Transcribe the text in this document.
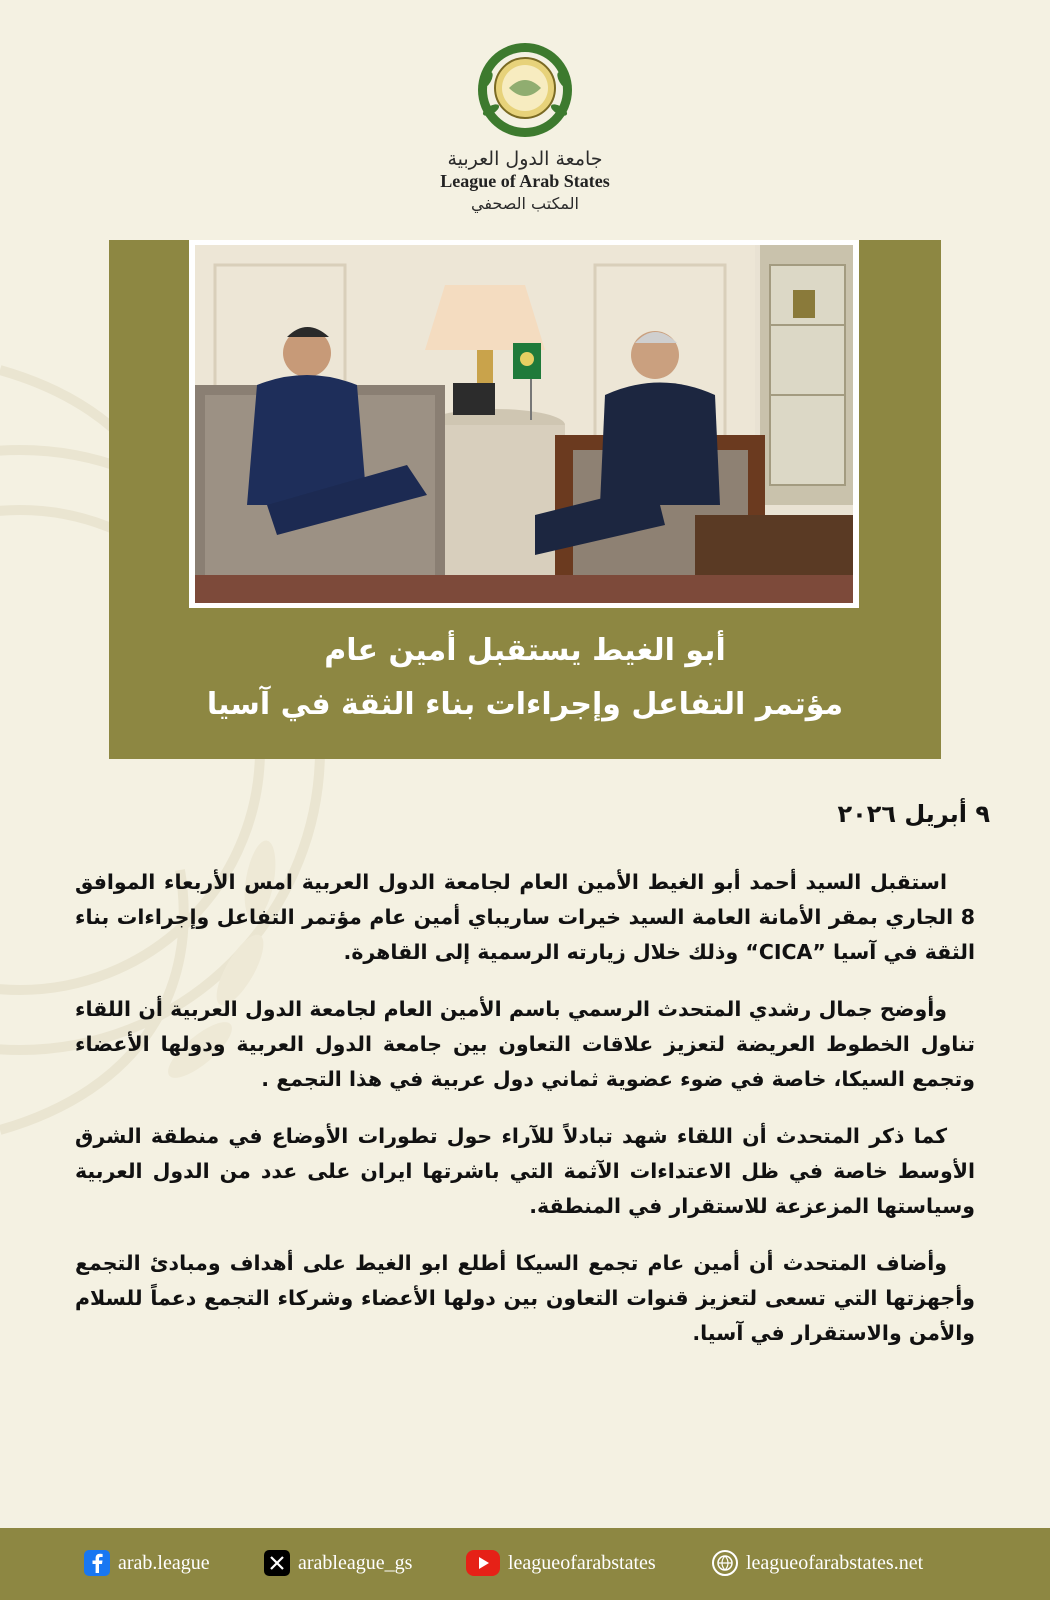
جامعة الدول العربية
League of Arab States
المكتب الصحفي
أبو الغيط يستقبل أمين عام
مؤتمر التفاعل وإجراءات بناء الثقة في آسيا
٩ أبريل ٢٠٢٦

استقبل السيد أحمد أبو الغيط الأمين العام لجامعة الدول العربية امس الأربعاء الموافق 8 الجاري بمقر الأمانة العامة السيد خيرات ساريباي أمين عام مؤتمر التفاعل وإجراءات بناء الثقة في آسيا ”CICA“ وذلك خلال زيارته الرسمية إلى القاهرة.

وأوضح جمال رشدي المتحدث الرسمي باسم الأمين العام لجامعة الدول العربية أن اللقاء تناول الخطوط العريضة لتعزيز علاقات التعاون بين جامعة الدول العربية ودولها الأعضاء وتجمع السيكا، خاصة في ضوء عضوية ثماني دول عربية في هذا التجمع .

كما ذكر المتحدث أن اللقاء شهد تبادلاً للآراء حول تطورات الأوضاع في منطقة الشرق الأوسط خاصة في ظل الاعتداءات الآثمة التي باشرتها ايران على عدد من الدول العربية وسياستها المزعزعة للاستقرار في المنطقة.

وأضاف المتحدث أن أمين عام تجمع السيكا أطلع ابو الغيط على أهداف ومبادئ التجمع وأجهزتها التي تسعى لتعزيز قنوات التعاون بين دولها الأعضاء وشركاء التجمع دعماً للسلام والأمن والاستقرار في آسيا.

arab.league	arableague_gs	leagueofarabstates	leagueofarabstates.net
